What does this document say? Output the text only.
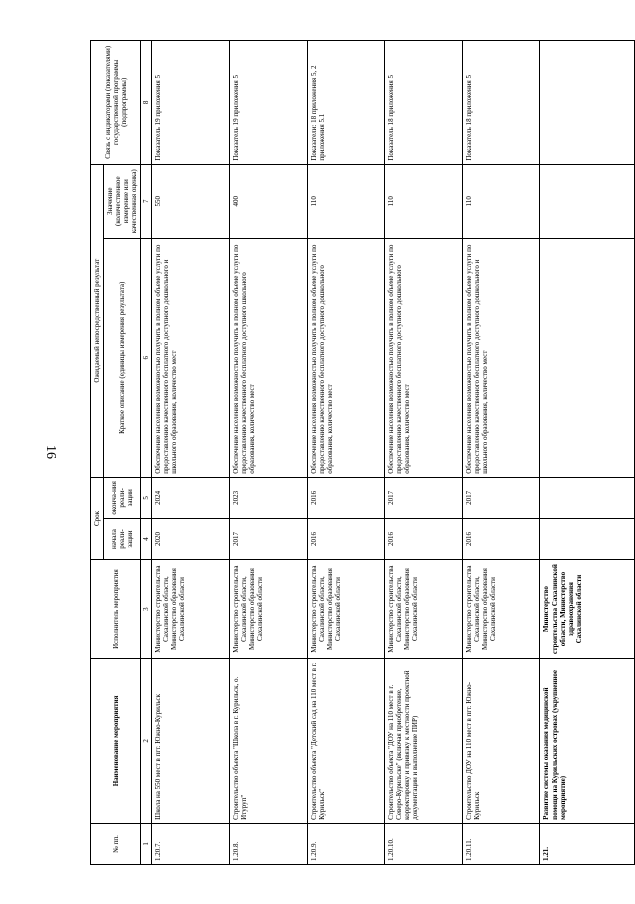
16
№ пп.	Наименование мероприятия	Исполнитель мероприятия	Срок		Ожидаемый непосредственный результат		Связь с индикаторами (показателями) государственной программы (подпрограммы)
			начала реали-зации	оконча-ния реали-зации	Краткое описание (единицы измерения результата)	Значение (количественное измерение или качественная оценка)	
1	2	3	4	5	6	7	8
1.20.7.	Школа на 550 мест в пгт. Южно-Курильск	Министерство строительства Сахалинской области, Министерство образования Сахалинской области	2020	2024	Обеспечение населения возможностью получить в полном объеме услуги по предоставлению качественного бесплатного доступного дошкольного и школьного образования, количество мест	550	Показатель 19 приложения 5
1.20.8.	Строительство объекта "Школа в г. Курильск, о. Итуруп"	Министерство строительства Сахалинской области, Министерство образования Сахалинской области	2017	2023	Обеспечение населения возможностью получить в полном объеме услуги по предоставлению качественного бесплатного доступного школьного образования, количество мест	400	Показатель 19 приложения 5
1.20.9.	Строительство объекта "Детский сад на 110 мест в г. Курильск"	Министерство строительства Сахалинской области, Министерство образования Сахалинской области	2016	2016	Обеспечение населения возможностью получить в полном объеме услуги по предоставлению качественного бесплатного доступного дошкольного образования, количество мест	110	Показатели: 18 приложения 5, 2 приложения 5.1
1.20.10.	Строительство объекта "ДОУ на 110 мест в г. Северо-Курильске" (включая приобретение, корректировку и привязку к местности проектной документации и выполнение ПИР)	Министерство строительства Сахалинской области, Министерство образования Сахалинской области	2016	2017	Обеспечение населения возможностью получить в полном объеме услуги по предоставлению качественного бесплатного доступного дошкольного образования, количество мест	110	Показатель 18 приложения 5
1.20.11.	Строительство ДОУ на 110 мест в пгт. Южно-Курильск	Министерство строительства Сахалинской области, Министерство образования Сахалинской области	2016	2017	Обеспечение населения возможностью получить в полном объеме услуги по предоставлению качественного бесплатного доступного дошкольного и школьного образования, количество мест	110	Показатель 18 приложения 5
1.21.	Развитие системы оказания медицинской помощи на Курильских островах (укрупненное мероприятие)	Министерство строительства Сахалинской области, Министерство здравоохранения Сахалинской области					
